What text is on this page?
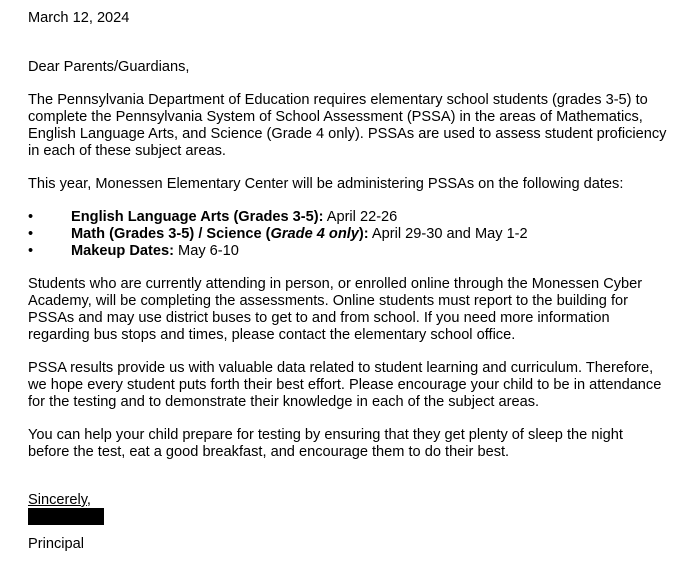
March 12, 2024

Dear Parents/Guardians,

The Pennsylvania Department of Education requires elementary school students (grades 3-5) to complete the Pennsylvania System of School Assessment (PSSA) in the areas of Mathematics, English Language Arts, and Science (Grade 4 only). PSSAs are used to assess student proficiency in each of these subject areas.

This year, Monessen Elementary Center will be administering PSSAs on the following dates:

•	English Language Arts (Grades 3-5): April 22-26
•	Math (Grades 3-5) / Science (Grade 4 only): April 29-30 and May 1-2
•	Makeup Dates: May 6-10

Students who are currently attending in person, or enrolled online through the Monessen Cyber Academy, will be completing the assessments. Online students must report to the building for PSSAs and may use district buses to get to and from school. If you need more information regarding bus stops and times, please contact the elementary school office.

PSSA results provide us with valuable data related to student learning and curriculum. Therefore, we hope every student puts forth their best effort. Please encourage your child to be in attendance for the testing and to demonstrate their knowledge in each of the subject areas.

You can help your child prepare for testing by ensuring that they get plenty of sleep the night before the test, eat a good breakfast, and encourage them to do their best.

Sincerely,

Principal
